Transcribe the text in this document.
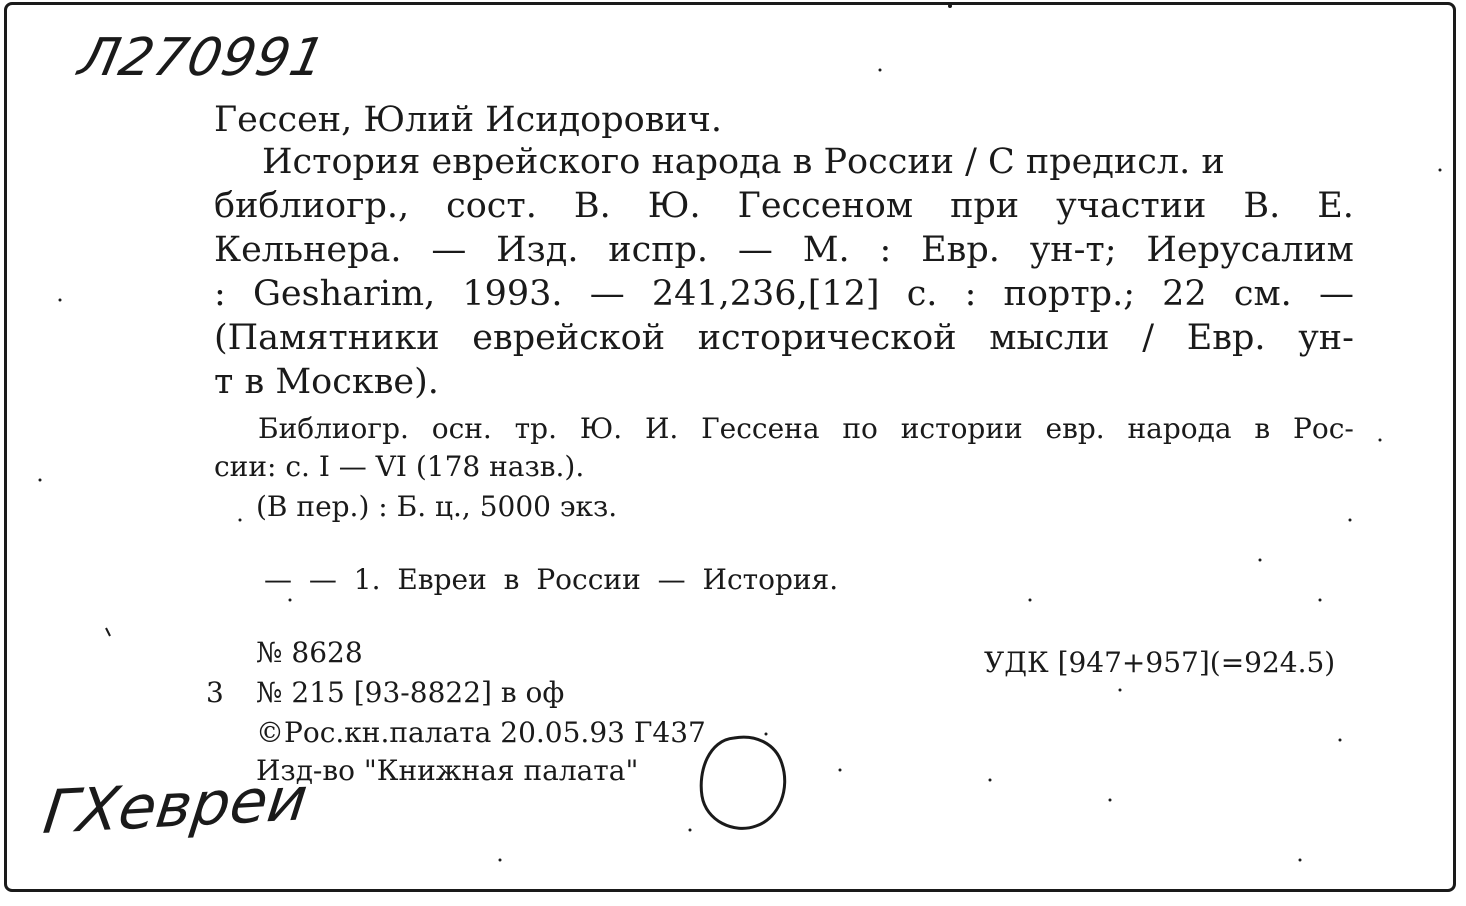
Л270991
Гессен, Юлий Исидорович.
История еврейского народа в России / С предисл. и
библиогр., сост. В. Ю. Гессеном при участии В. Е.
Кельнера. — Изд. испр. — М. : Евр. ун-т; Иерусалим
: Gesharim, 1993. — 241,236,[12] с. : портр.; 22 см. —
(Памятники еврейской исторической мысли / Евр. ун-
т в Москве).
Библиогр. осн. тр. Ю. И. Гессена по истории евр. народа в Рос-
сии: с. I — VI (178 назв.).
(В пер.) : Б. ц., 5000 экз.
— — 1. Евреи в России — История.
№ 8628	УДК [947+957](=924.5)
3 № 215 [93-8822] в оф
©Рос.кн.палата 20.05.93 Г437
Изд-во "Книжная палата"
ГХевреи
